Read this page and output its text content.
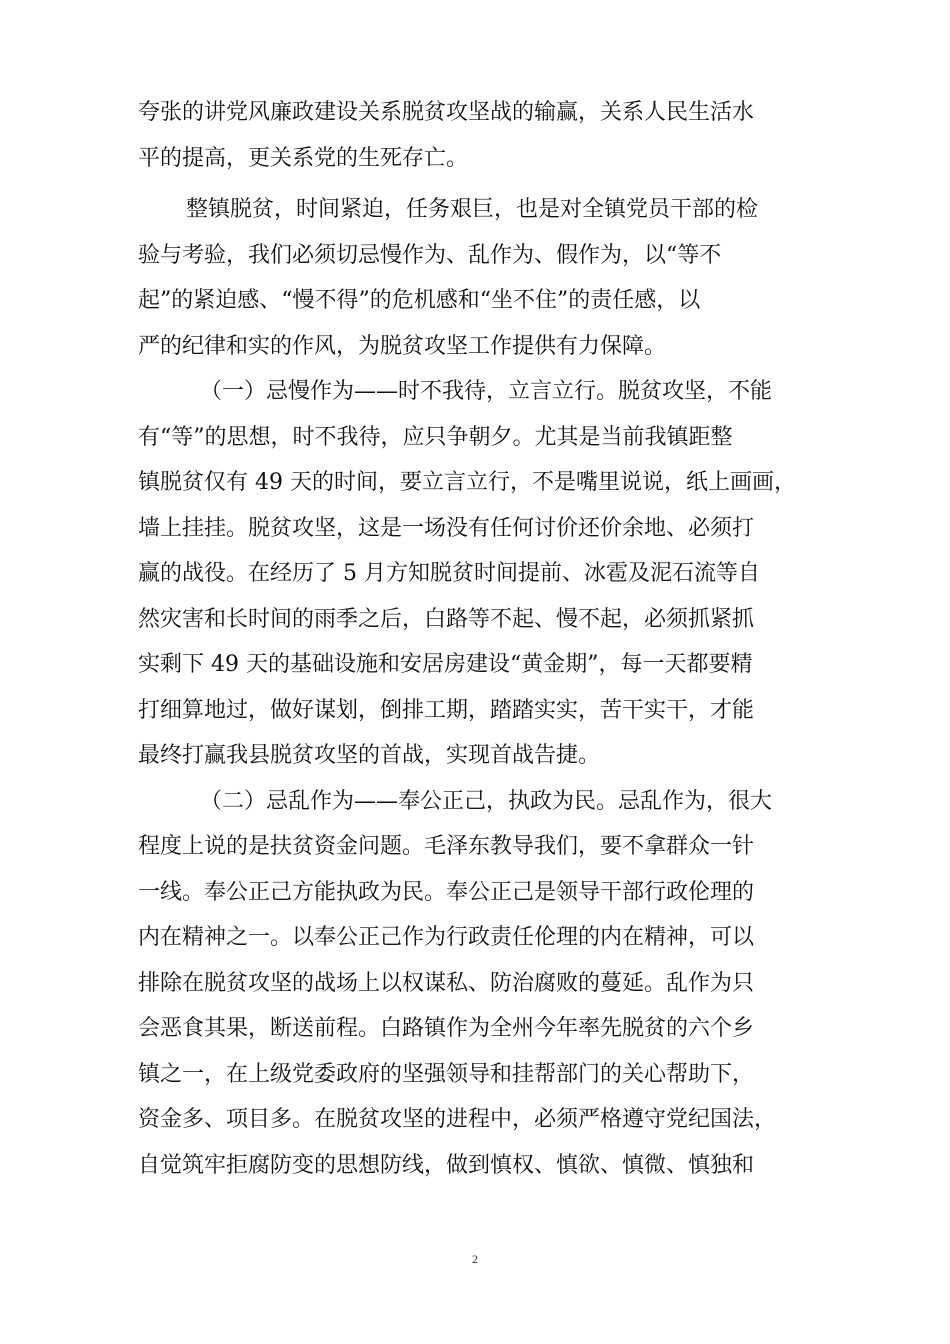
夸张的讲党风廉政建设关系脱贫攻坚战的输赢，关系人民生活水
平的提高，更关系党的生死存亡。
整镇脱贫，时间紧迫，任务艰巨，也是对全镇党员干部的检
验与考验，我们必须切忌慢作为、乱作为、假作为，以“等不
起”的紧迫感、“慢不得”的危机感和“坐不住”的责任感，以
严的纪律和实的作风，为脱贫攻坚工作提供有力保障。
（一）忌慢作为——时不我待，立言立行。脱贫攻坚，不能
有“等”的思想，时不我待，应只争朝夕。尤其是当前我镇距整
镇脱贫仅有 49 天的时间，要立言立行，不是嘴里说说，纸上画画，
墙上挂挂。脱贫攻坚，这是一场没有任何讨价还价余地、必须打
赢的战役。在经历了 5 月方知脱贫时间提前、冰雹及泥石流等自
然灾害和长时间的雨季之后，白路等不起、慢不起，必须抓紧抓
实剩下 49 天的基础设施和安居房建设“黄金期”，每一天都要精
打细算地过，做好谋划，倒排工期，踏踏实实，苦干实干，才能
最终打赢我县脱贫攻坚的首战，实现首战告捷。
（二）忌乱作为——奉公正己，执政为民。忌乱作为，很大
程度上说的是扶贫资金问题。毛泽东教导我们，要不拿群众一针
一线。奉公正己方能执政为民。奉公正己是领导干部行政伦理的
内在精神之一。以奉公正己作为行政责任伦理的内在精神，可以
排除在脱贫攻坚的战场上以权谋私、防治腐败的蔓延。乱作为只
会恶食其果，断送前程。白路镇作为全州今年率先脱贫的六个乡
镇之一，在上级党委政府的坚强领导和挂帮部门的关心帮助下，
资金多、项目多。在脱贫攻坚的进程中，必须严格遵守党纪国法，
自觉筑牢拒腐防变的思想防线，做到慎权、慎欲、慎微、慎独和
2
